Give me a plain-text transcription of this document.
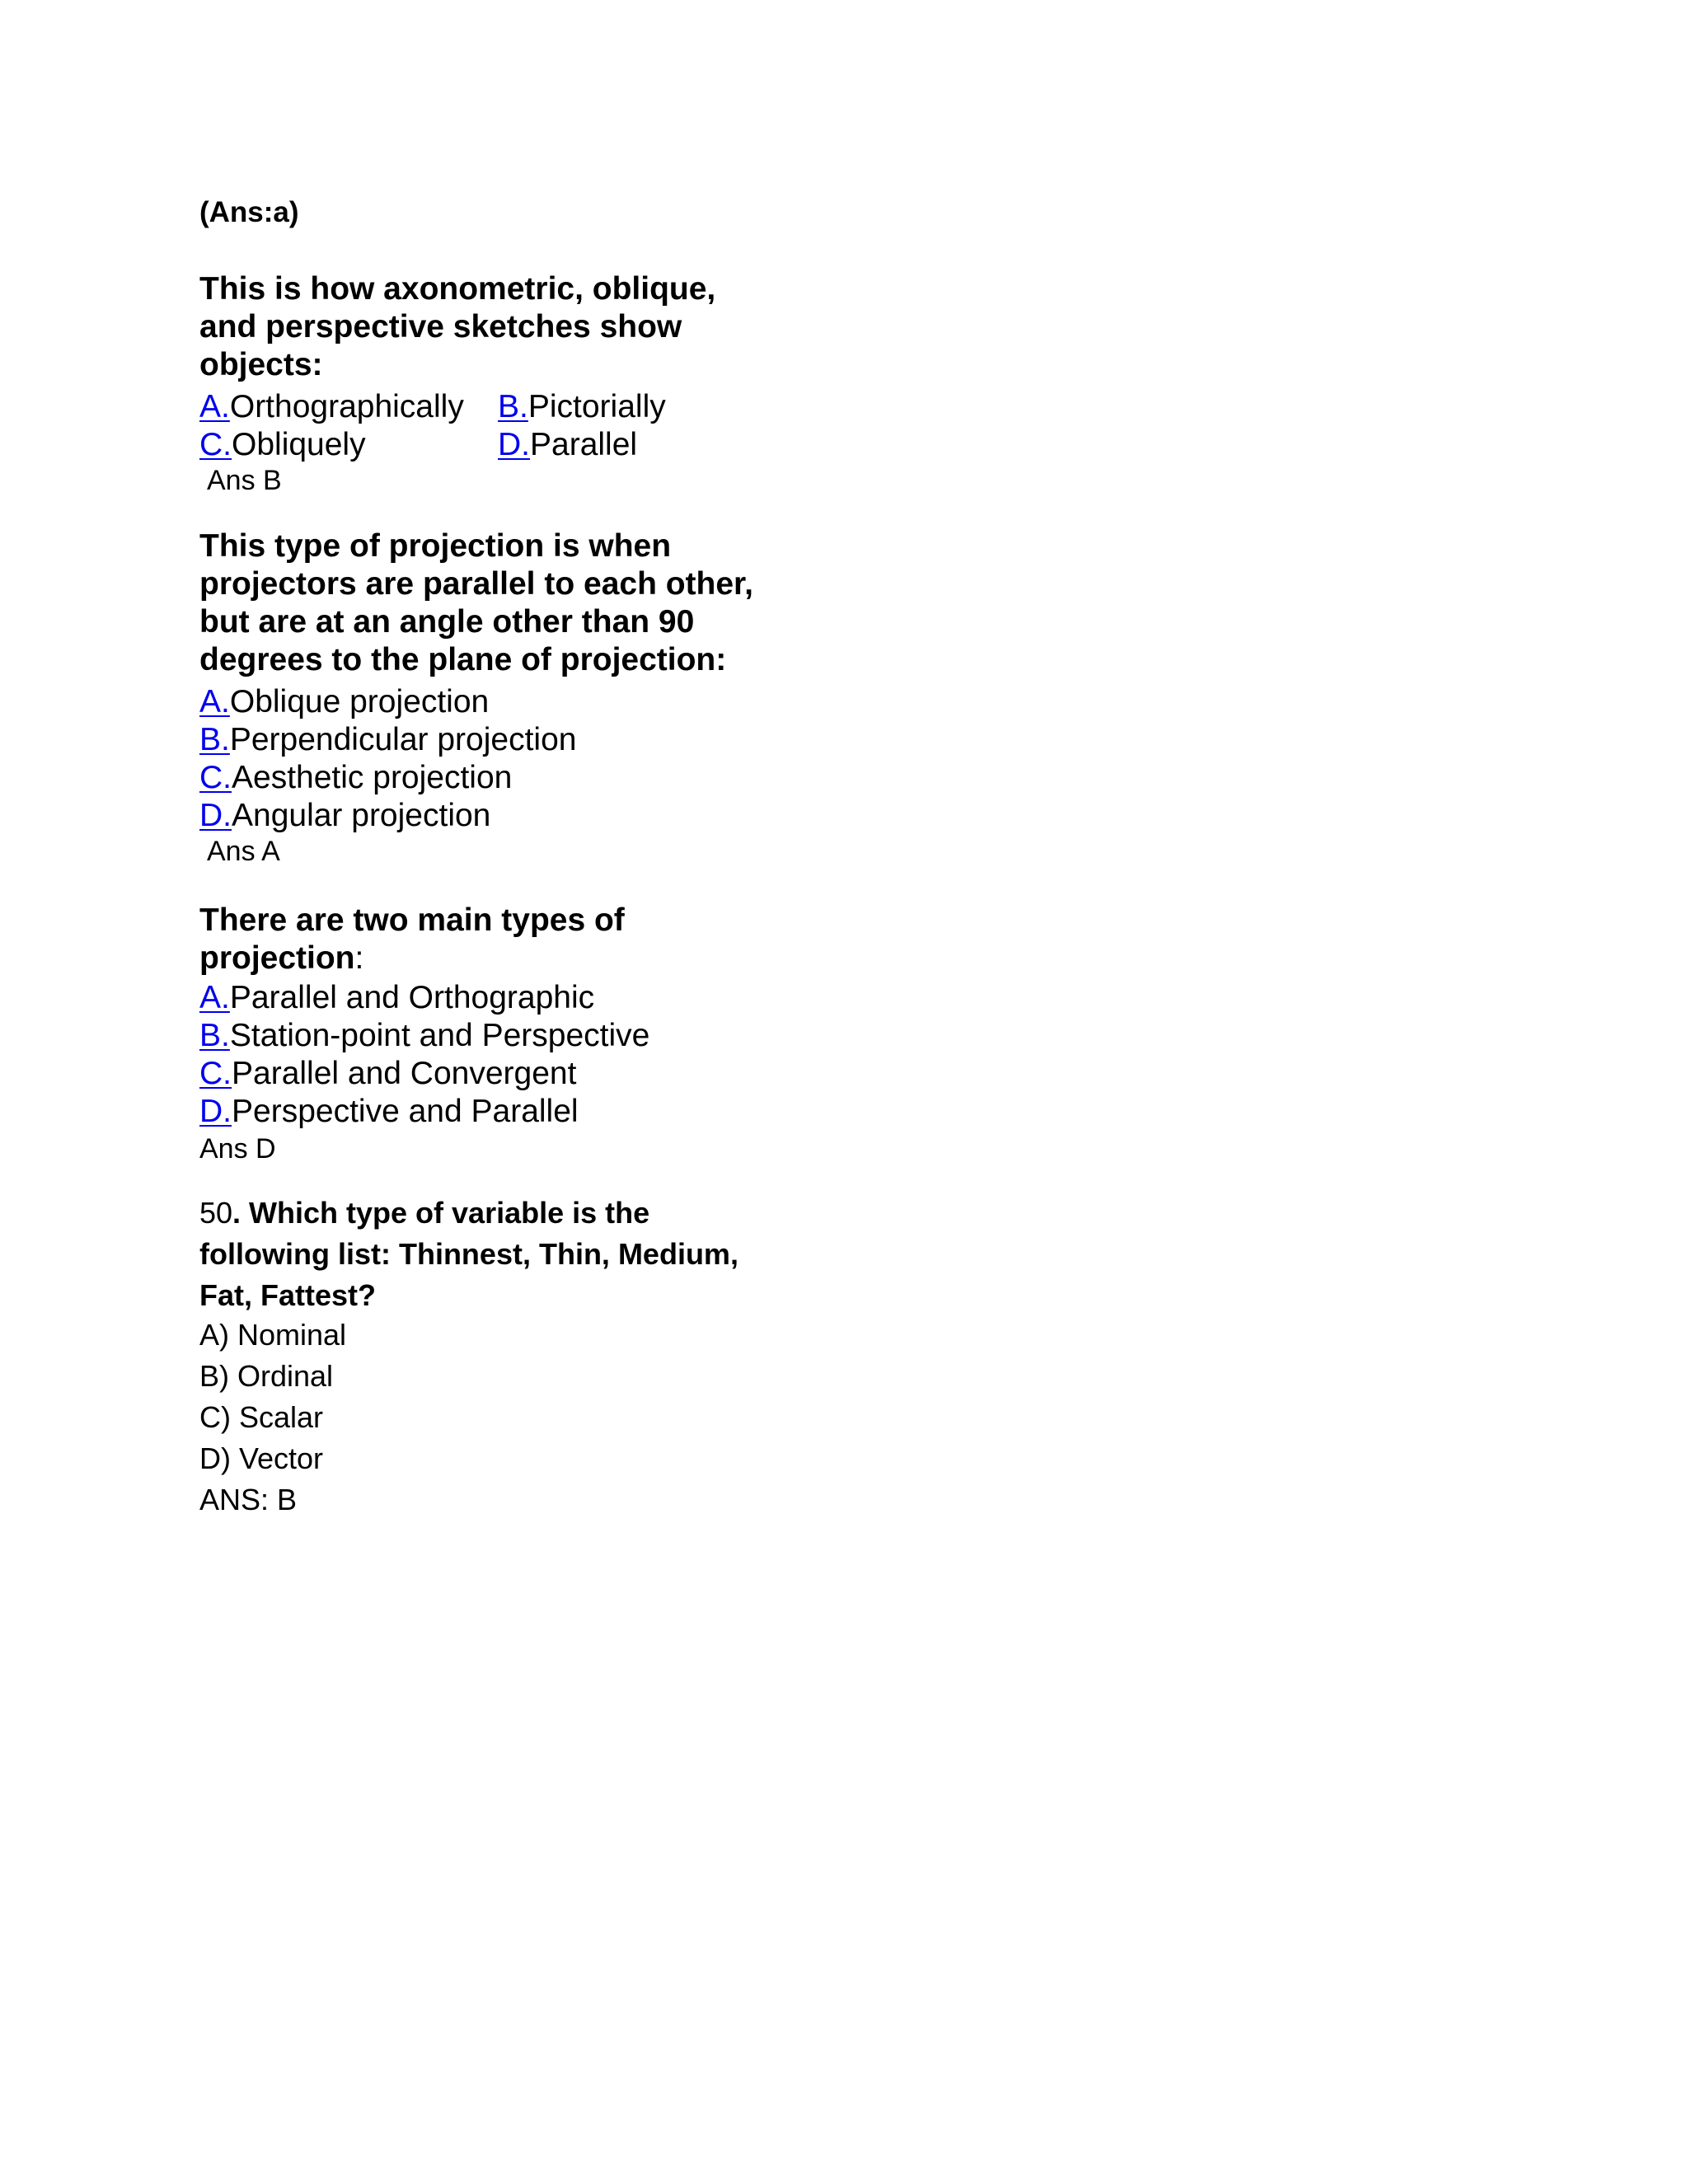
(Ans:a)
This is how axonometric, oblique,
and perspective sketches show
objects:
A.Orthographically B.Pictorially
C.Obliquely	D.Parallel
Ans B
This type of projection is when
projectors are parallel to each other,
but are at an angle other than 90
degrees to the plane of projection:
A.Oblique projection
B.Perpendicular projection
C.Aesthetic projection
D.Angular projection
Ans A
There are two main types of
projection:
A.Parallel and Orthographic
B.Station-point and Perspective
C.Parallel and Convergent
D.Perspective and Parallel
Ans D
50. Which type of variable is the
following list: Thinnest, Thin, Medium,
Fat, Fattest?
A) Nominal
B) Ordinal
C) Scalar
D) Vector
ANS: B
